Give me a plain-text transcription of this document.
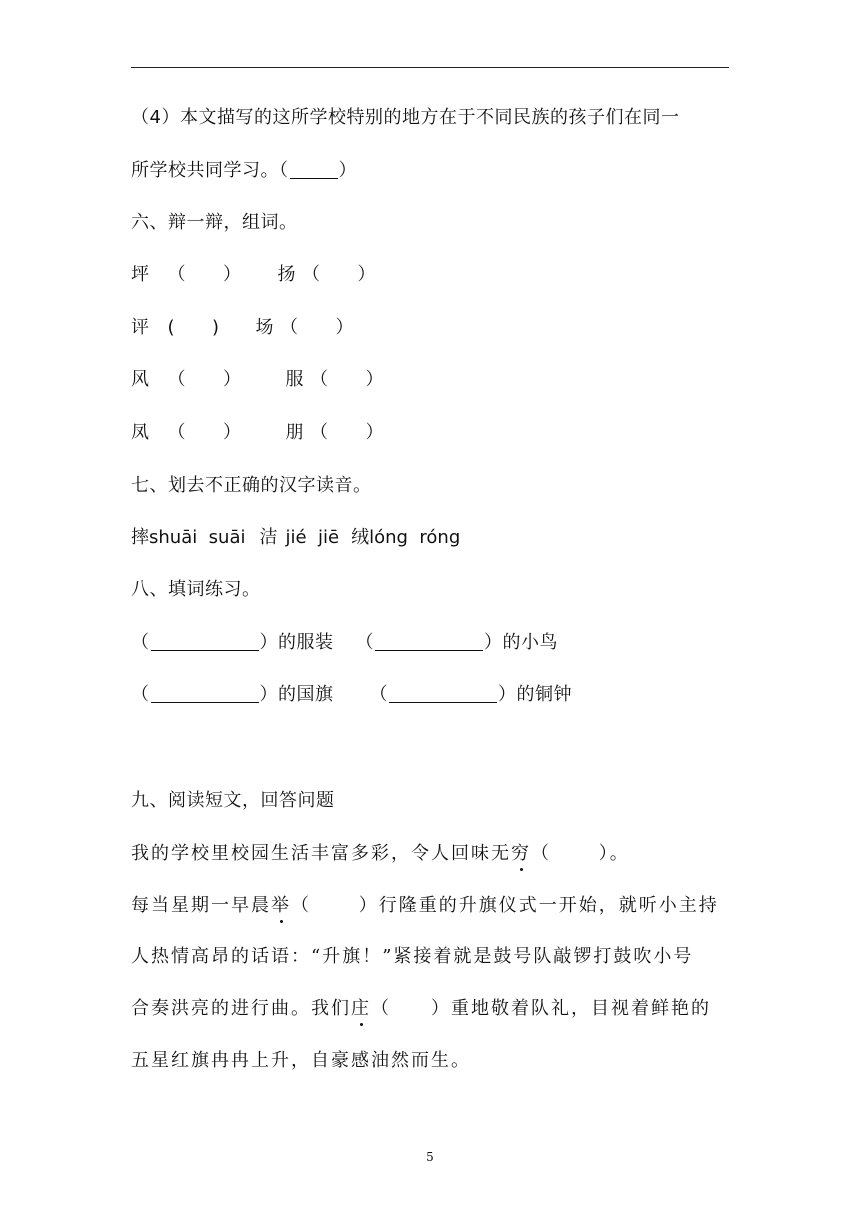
（4）本文描写的这所学校特别的地方在于不同民族的孩子们在同一
所学校共同学习。（	）
六、辩一辩，组词。
坪 （　　） 扬 （　　）
评 (　　) 场 （　　）
风 （　　） 服 （　　）
凤 （　　） 朋 （　　）
七、划去不正确的汉字读音。
摔shuāi  suāi 洁 jié  jiē 绒lóng  róng
八、填词练习。
（	）的服装 （	）的小鸟
（	）的国旗 （	）的铜钟
九、阅读短文，回答问题
我的学校里校园生活丰富多彩，令人回味无穷（　　 ）。
每当星期一早晨举（　　 ）行隆重的升旗仪式一开始，就听小主持
人热情高昂的话语：“升旗！”紧接着就是鼓号队敲锣打鼓吹小号
合奏洪亮的进行曲。我们庄（　　）重地敬着队礼，目视着鲜艳的
五星红旗冉冉上升，自豪感油然而生。
5
